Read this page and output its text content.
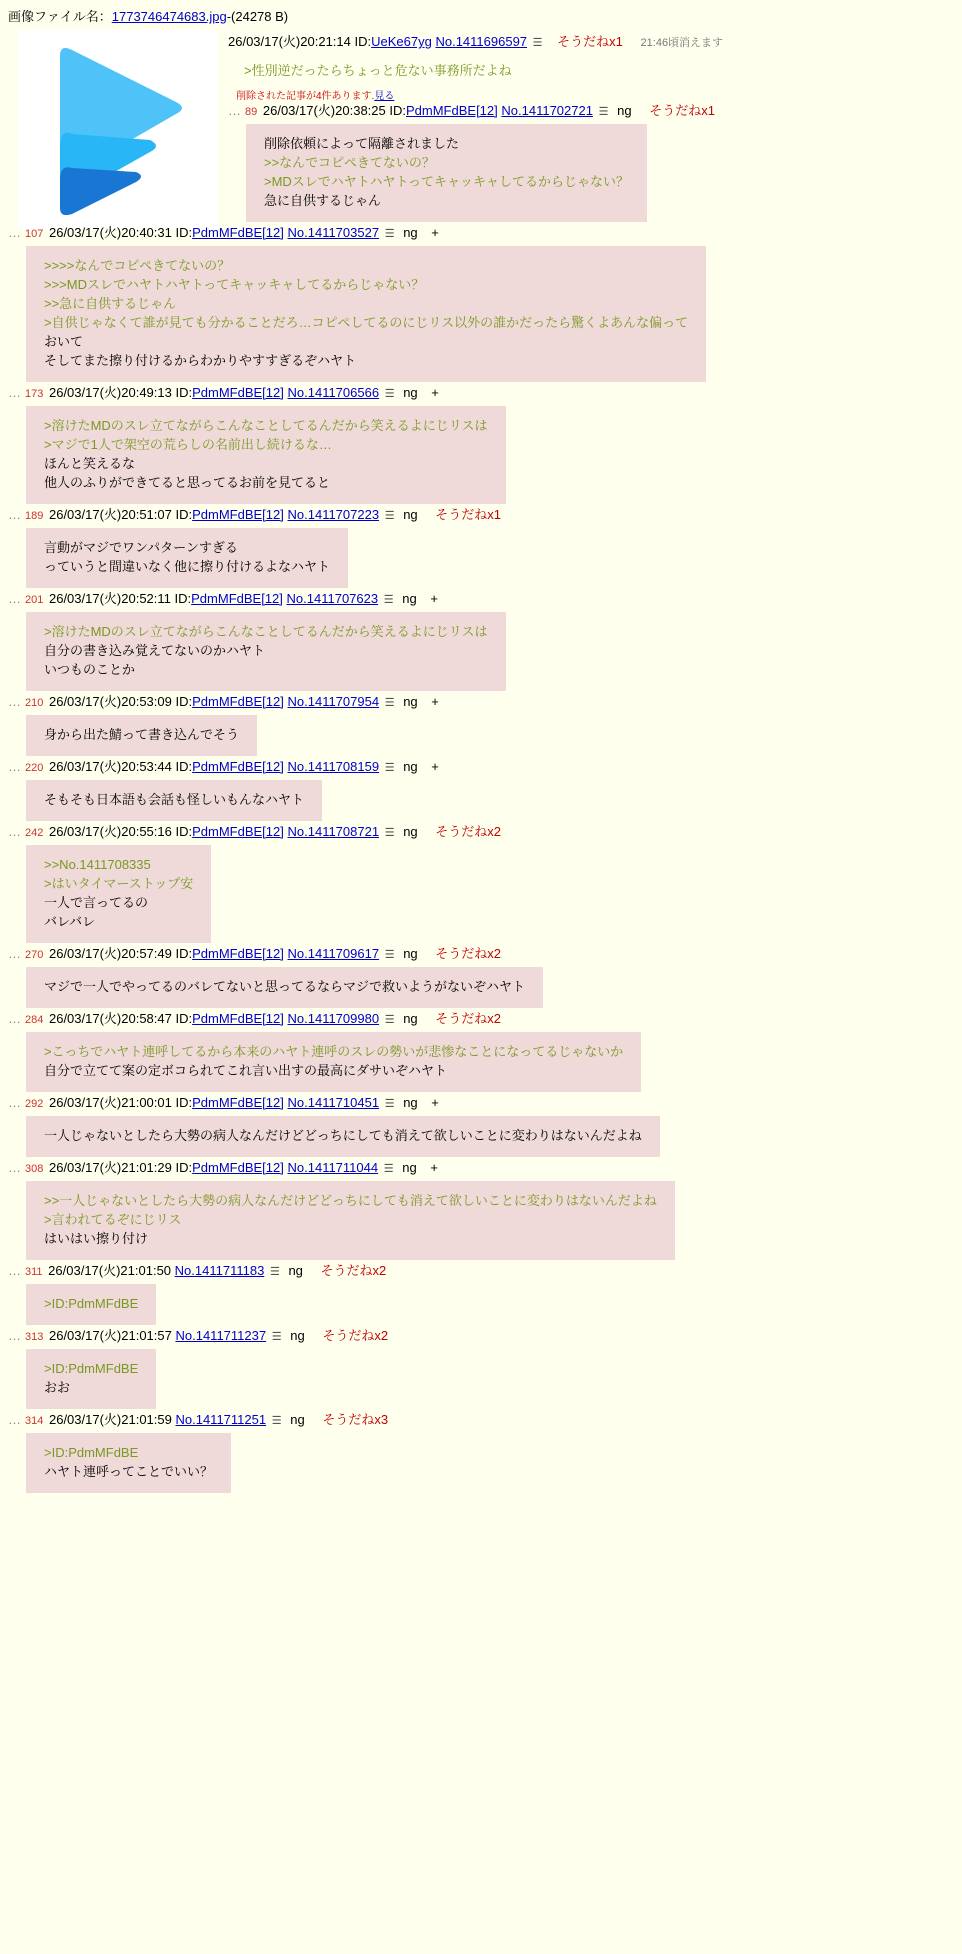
画像ファイル名：1773746474683.jpg-(24278 B)
26/03/17(火)20:21:14 ID:UeKe67yg No.1411696597 ☰ そうだねx1 21:46頃消えます
>性別逆だったらちょっと危ない事務所だよね
削除された記事が4件あります.見る
… 89 26/03/17(火)20:38:25 ID:PdmMFdBE[12] No.1411702721 ☰ ng そうだねx1
削除依頼によって隔離されました
>>なんでコピペきてないの？
>MDスレでハヤトハヤトってキャッキャしてるからじゃない？
急に自供するじゃん
… 107 26/03/17(火)20:40:31 ID:PdmMFdBE[12] No.1411703527 ☰ ng +
>>>>なんでコピペきてないの？
>>>MDスレでハヤトハヤトってキャッキャしてるからじゃない？
>>急に自供するじゃん
>自供じゃなくて誰が見ても分かることだろ…コピペしてるのにじリス以外の誰かだったら驚くよあんな偏って
おいて
そしてまた擦り付けるからわかりやすすぎるぞハヤト
… 173 26/03/17(火)20:49:13 ID:PdmMFdBE[12] No.1411706566 ☰ ng +
>溶けたMDのスレ立てながらこんなことしてるんだから笑えるよにじリスは
>マジで1人で架空の荒らしの名前出し続けるな…
ほんと笑えるな
他人のふりができてると思ってるお前を見てると
… 189 26/03/17(火)20:51:07 ID:PdmMFdBE[12] No.1411707223 ☰ ng そうだねx1
言動がマジでワンパターンすぎる
っていうと間違いなく他に擦り付けるよなハヤト
… 201 26/03/17(火)20:52:11 ID:PdmMFdBE[12] No.1411707623 ☰ ng +
>溶けたMDのスレ立てながらこんなことしてるんだから笑えるよにじリスは
自分の書き込み覚えてないのかハヤト
いつものことか
… 210 26/03/17(火)20:53:09 ID:PdmMFdBE[12] No.1411707954 ☰ ng +
身から出た鯖って書き込んでそう
… 220 26/03/17(火)20:53:44 ID:PdmMFdBE[12] No.1411708159 ☰ ng +
そもそも日本語も会話も怪しいもんなハヤト
… 242 26/03/17(火)20:55:16 ID:PdmMFdBE[12] No.1411708721 ☰ ng そうだねx2
>>No.1411708335
>はいタイマーストップ安
一人で言ってるの
バレバレ
… 270 26/03/17(火)20:57:49 ID:PdmMFdBE[12] No.1411709617 ☰ ng そうだねx2
マジで一人でやってるのバレてないと思ってるならマジで救いようがないぞハヤト
… 284 26/03/17(火)20:58:47 ID:PdmMFdBE[12] No.1411709980 ☰ ng そうだねx2
>こっちでハヤト連呼してるから本来のハヤト連呼のスレの勢いが悲惨なことになってるじゃないか
自分で立てて案の定ボコられてこれ言い出すの最高にダサいぞハヤト
… 292 26/03/17(火)21:00:01 ID:PdmMFdBE[12] No.1411710451 ☰ ng +
一人じゃないとしたら大勢の病人なんだけどどっちにしても消えて欲しいことに変わりはないんだよね
… 308 26/03/17(火)21:01:29 ID:PdmMFdBE[12] No.1411711044 ☰ ng +
>>一人じゃないとしたら大勢の病人なんだけどどっちにしても消えて欲しいことに変わりはないんだよね
>言われてるぞにじリス
はいはい擦り付け
… 311 26/03/17(火)21:01:50 No.1411711183 ☰ ng そうだねx2
>ID:PdmMFdBE
… 313 26/03/17(火)21:01:57 No.1411711237 ☰ ng そうだねx2
>ID:PdmMFdBE
おお
… 314 26/03/17(火)21:01:59 No.1411711251 ☰ ng そうだねx3
>ID:PdmMFdBE
ハヤト連呼ってことでいい？
